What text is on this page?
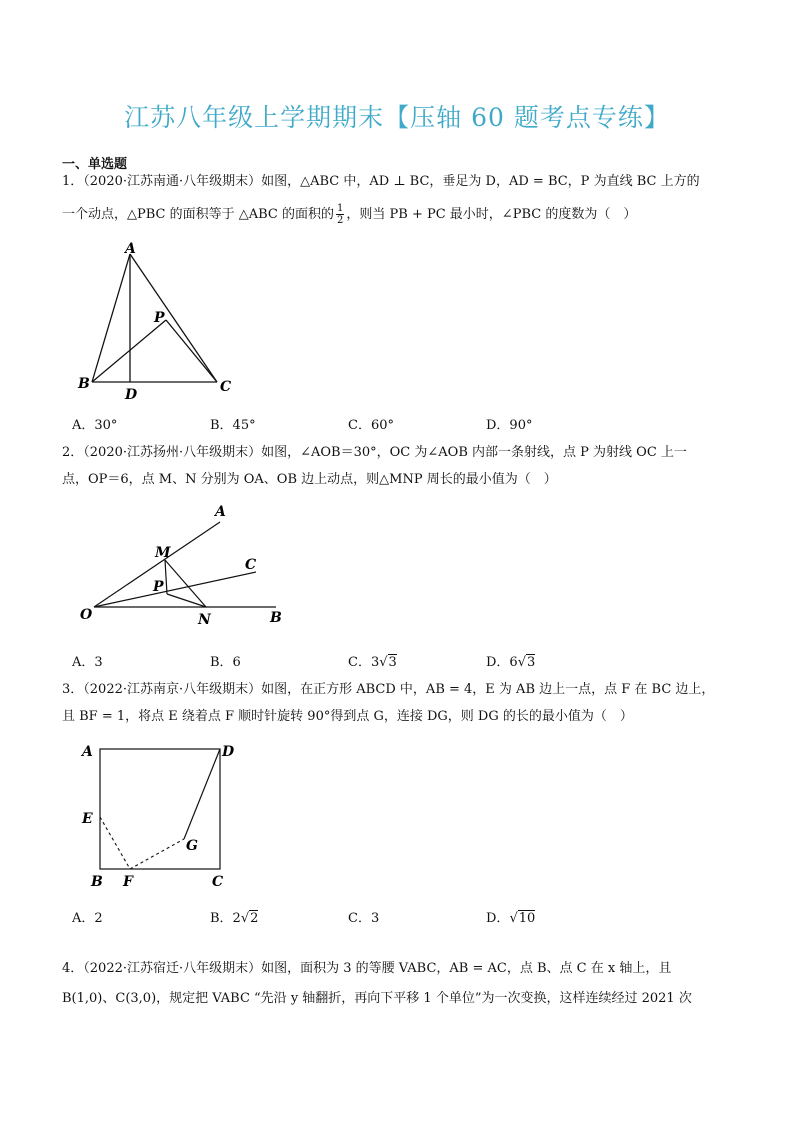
江苏八年级上学期期末【压轴 60 题考点专练】
一、单选题
1．（2020·江苏南通·八年级期末）如图，△ABC 中，AD ⊥ BC，垂足为 D，AD = BC，P 为直线 BC 上方的
一个动点，△PBC 的面积等于 △ABC 的面积的 $\frac{1}{2}$ ，则当 PB + PC 最小时，∠PBC 的度数为（　）
A
B	C
D
P
A．30°	B．45°	C．60°	D．90°
2．（2020·江苏扬州·八年级期末）如图，∠AOB＝30°，OC 为∠AOB 内部一条射线，点 P 为射线 OC 上一
点，OP＝6，点 M、N 分别为 OA、OB 边上动点，则△MNP 周长的最小值为（　）
A
M
C
P
O	N	B
A．3	B．6	C．3√3	D．6√3
3．（2022·江苏南京·八年级期末）如图，在正方形 ABCD 中，AB = 4，E 为 AB 边上一点，点 F 在 BC 边上，
且 BF = 1，将点 E 绕着点 F 顺时针旋转 90°得到点 G，连接 DG，则 DG 的长的最小值为（　）
A	D
E
G
B F	C
A．2	B．2√2	C．3	D．√10
4．（2022·江苏宿迁·八年级期末）如图，面积为 3 的等腰 VABC，AB = AC，点 B、点 C 在 x 轴上，且
B(1,0)、C(3,0)，规定把 VABC “先沿 y 轴翻折，再向下平移 1 个单位”为一次变换，这样连续经过 2021 次
